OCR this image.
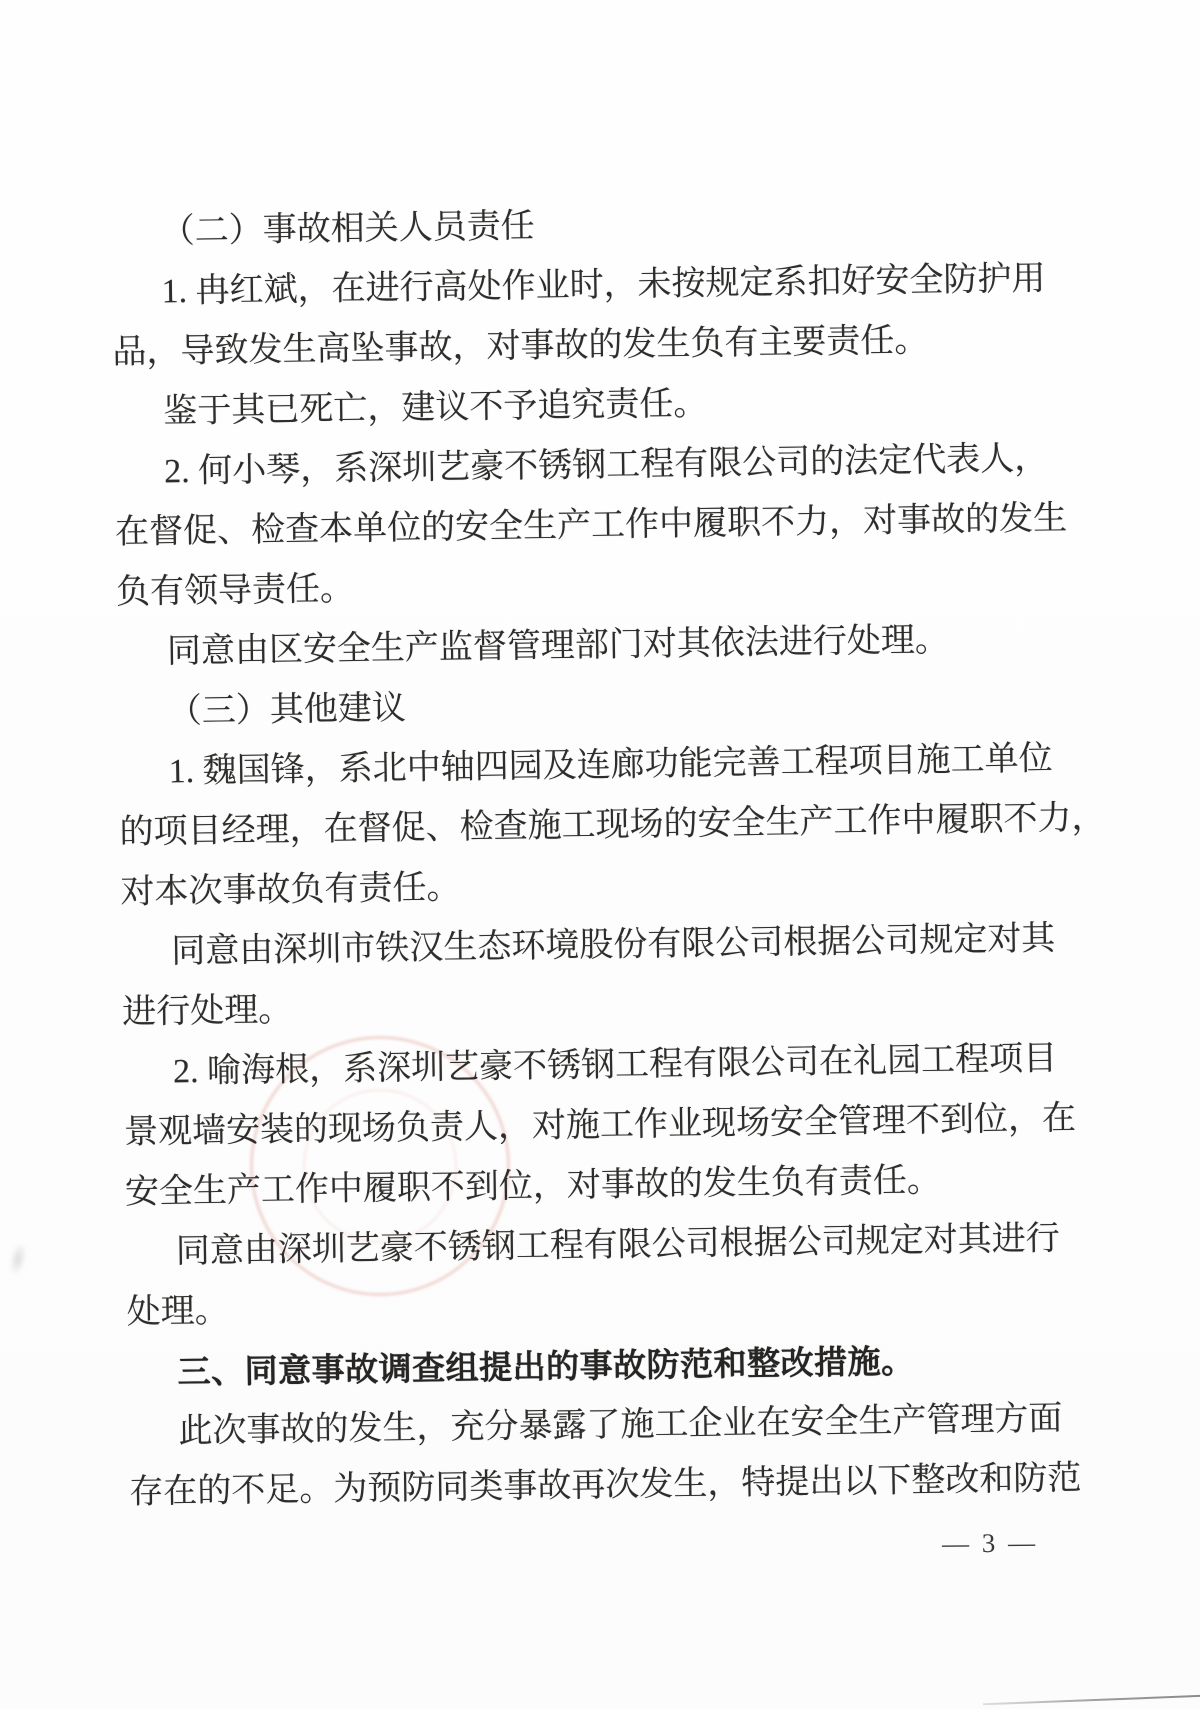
（二）事故相关人员责任
1. 冉红斌，在进行高处作业时，未按规定系扣好安全防护用
品，导致发生高坠事故，对事故的发生负有主要责任。
鉴于其已死亡，建议不予追究责任。
2. 何小琴，系深圳艺豪不锈钢工程有限公司的法定代表人，
在督促、检查本单位的安全生产工作中履职不力，对事故的发生
负有领导责任。
同意由区安全生产监督管理部门对其依法进行处理。
（三）其他建议
1. 魏国锋，系北中轴四园及连廊功能完善工程项目施工单位
的项目经理，在督促、检查施工现场的安全生产工作中履职不力，
对本次事故负有责任。
同意由深圳市铁汉生态环境股份有限公司根据公司规定对其
进行处理。
2. 喻海根，系深圳艺豪不锈钢工程有限公司在礼园工程项目
景观墙安装的现场负责人，对施工作业现场安全管理不到位，在
安全生产工作中履职不到位，对事故的发生负有责任。
同意由深圳艺豪不锈钢工程有限公司根据公司规定对其进行
处理。
三、同意事故调查组提出的事故防范和整改措施。
此次事故的发生，充分暴露了施工企业在安全生产管理方面
存在的不足。为预防同类事故再次发生，特提出以下整改和防范
— 3 —
